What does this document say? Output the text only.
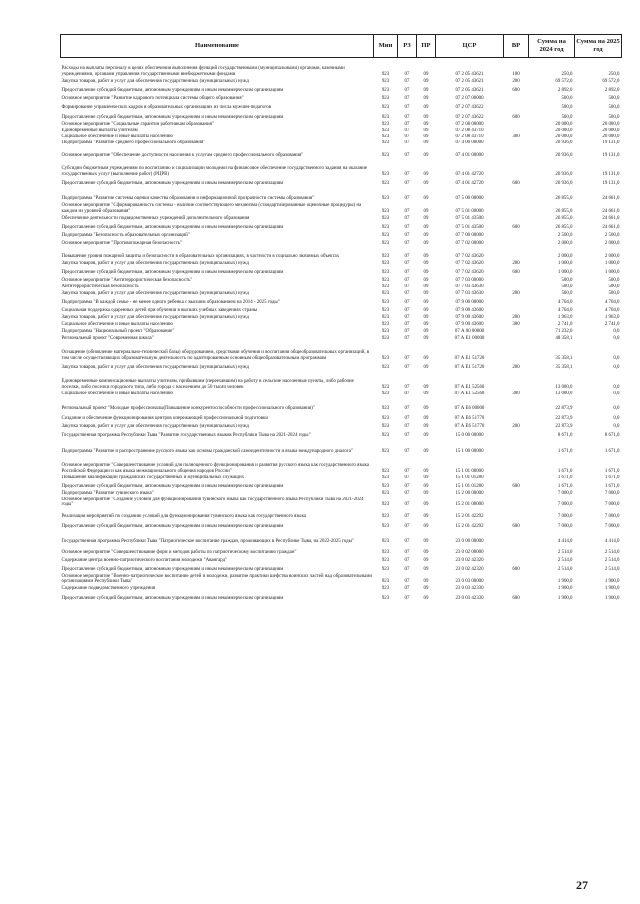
Наименование	Мин	РЗ	ПР	ЦСР	ВР	Сумма на 2024 год	Сумма на 2025 год
Расходы на выплаты персоналу в целях обеспечения выполнения функций государственными (муниципальными) органами, казенными учреждениями, органами управления государственными внебюджетными фондами	923	07	09	07 2 05 43621	100	250,0	250,0
Закупка товаров, работ и услуг для обеспечения государственных (муниципальных) нужд	923	07	09	07 2 05 43621	200	69 572,0	69 572,0
Предоставление субсидий бюджетным, автономным учреждениям и иным некоммерческим организациям	923	07	09	07 2 05 43621	600	2 892,0	2 892,0
Основное мероприятие "Развитие кадрового потенциала системы общего образования"	923	07	09	07 2 07 00000		500,0	500,0
Формирование управленческих кадров в образовательных организациях из числа мужчин-педагогов	923	07	09	07 2 07 43622		500,0	500,0
Предоставление субсидий бюджетным, автономным учреждениям и иным некоммерческим организациям	923	07	09	07 2 07 43622	600	500,0	500,0
Основное мероприятие "Социальные гарантии работникам образования"	923	07	09	07 2 08 00000		20 000,0	20 000,0
Единовременные выплаты учителям	923	07	09	07 2 08 43710		20 000,0	20 000,0
Социальное обеспечение и иные выплаты населению	923	07	09	07 2 08 43710	300	20 000,0	20 000,0
Подпрограмма "Развитие среднего профессионального образования"	923	07	09	07 4 00 00000		20 936,0	19 131,0
Основное мероприятие "Обеспечение доступности населения к услугам среднего профессионального образования"	923	07	09	07 4 01 00000		20 936,0	19 131,0
Субсидии бюджетным учреждениям по воспитанию и социализации молодежи на финансовое обеспечение государственного задания на оказание государственных услуг (выполнение работ) (РЦРВ)	923	07	09	07 4 01 42720		20 936,0	19 131,0
Предоставление субсидий бюджетным, автономным учреждениям и иным некоммерческим организациям	923	07	09	07 4 01 42720	600	20 936,0	19 131,0
Подпрограмма "Развитие системы оценки качества образования и информационной прозрачности системы образования"	923	07	09	07 5 00 00000		26 855,0	24 661,0
Основное мероприятие "Сформированность системы - наличие соответствующего механизма (стандартизированные оценочные процедуры) на каждом из уровней образования"	923	07	09	07 5 01 00000		26 855,0	24 661,0
Обеспечение деятельности подведомственных учреждений дополнительного образования	923	07	09	07 5 01 43500		26 855,0	24 661,0
Предоставление субсидий бюджетным, автономным учреждениям и иным некоммерческим организациям	923	07	09	07 5 01 43500	600	26 855,0	24 661,0
Подпрограмма "Безопасность образовательных организаций"	923	07	09	07 7 00 00000		2 500,0	2 500,0
Основное мероприятие "Противопожарная безопасность"	923	07	09	07 7 02 00000		2 000,0	2 000,0
Повышение уровня пожарной защиты и безопасности в образовательных организациях, в частности в социально значимых объектах	923	07	09	07 7 02 43620		2 000,0	2 000,0
Закупка товаров, работ и услуг для обеспечения государственных (муниципальных) нужд	923	07	09	07 7 02 43620	200	1 000,0	1 000,0
Предоставление субсидий бюджетным, автономным учреждениям и иным некоммерческим организациям	923	07	09	07 7 02 43620	600	1 000,0	1 000,0
Основное мероприятие "Антитеррористическая безопасность"	923	07	09	07 7 03 00000		500,0	500,0
Антитеррористическая безопасность	923	07	09	07 7 03 43630		500,0	500,0
Закупка товаров, работ и услуг для обеспечения государственных (муниципальных) нужд	923	07	09	07 7 03 43630	200	500,0	500,0
Подпрограмма "В каждой семье - не менее одного ребенка с высшим образованием на 2014 - 2025 годы"	923	07	09	07 9 00 00000		4 704,0	4 704,0
Социальная поддержка одаренных детей при обучении в высших учебных заведениях страны	923	07	09	07 9 00 43600		4 704,0	4 704,0
Закупка товаров, работ и услуг для обеспечения государственных (муниципальных) нужд	923	07	09	07 9 00 43600	200	1 963,0	1 963,0
Социальное обеспечение и иные выплаты населению	923	07	09	07 9 00 43600	300	2 741,0	2 741,0
Подпрограмма "Национальный проект "Образование"	923	07	09	07 А 00 00000		71 232,0	0,0
Региональный проект "Современная школа"	923	07	09	07 А Е1 00000		48 358,1	0,0
Оснащение (обновление материально-технической базы) оборудованием, средствами обучения и воспитания общеобразовательных организаций, в том числе осуществляющих образовательную деятельность по адаптированным основным общеобразовательным программам	923	07	09	07 А Е1 51720		35 358,1	0,0
Закупка товаров, работ и услуг для обеспечения государственных (муниципальных) нужд	923	07	09	07 А Е1 51720	200	35 358,1	0,0
Единовременные компенсационные выплаты учителям, прибывшим (переехавшим) на работу в сельские населенные пункты, либо рабочие поселки, либо поселки городского типа, либо города с населением до 50 тысяч человек	923	07	09	07 А Е1 52560		13 000,0	0,0
Социальное обеспечение и иные выплаты населению	923	07	09	07 А Е1 52560	300	13 000,0	0,0
Региональный проект "Молодые профессионалы(Повышение конкурентоспособности профессионального образования)"	923	07	09	07 А Е6 00000		22 873,9	0,0
Создание и обеспечение функционирования центров опережающей профессиональной подготовки	923	07	09	07 А Е6 51770		22 873,9	0,0
Закупка товаров, работ и услуг для обеспечения государственных (муниципальных) нужд	923	07	09	07 А Е6 51770	200	22 873,9	0,0
Государственная программа Республики Тыва "Развитие государственных языков Республики Тыва на 2021-2024 годы"	923	07	09	15 0 00 00000		8 671,0	8 671,0
Подпрограмма "Развитие и распространение русского языка как основы гражданской самоидентичности и языка международного диалога"	923	07	09	15 1 00 00000		1 671,0	1 671,0
Основное мероприятие "Совершенствование условий для полноценного функционирования и развития русского языка как государственного языка Российской Федерации и как языка межнационального общения народов России"	923	07	09	15 1 01 00000		1 671,0	1 671,0
Повышение квалификации гражданских государственных и муниципальных служащих	923	07	09	15 1 01 01280		1 671,0	1 671,0
Предоставление субсидий бюджетным, автономным учреждениям и иным некоммерческим организациям	923	07	09	15 1 01 01280	600	1 671,0	1 671,0
Подпрограмма "Развитие тувинского языка"	923	07	09	15 2 00 00000		7 000,0	7 000,0
Основное мероприятие "Создание условий для функционирования тувинского языка как государственного языка Республики Тыва на 2021-2024 годы"	923	07	09	15 2 01 00000		7 000,0	7 000,0
Реализация мероприятий по созданию условий для функционирования тувинского языка как государственного языка	923	07	09	15 2 01 42292		7 000,0	7 000,0
Предоставление субсидий бюджетным, автономным учреждениям и иным некоммерческим организациям	923	07	09	15 2 01 42292	600	7 000,0	7 000,0
Государственная программа Республики Тыва "Патриотическое воспитание граждан, проживающих в Республике Тыва, на 2022-2025 годы"	923	07	09	23 0 00 00000		4 414,0	4 414,0
Основное мероприятие "Совершенствование форм и методов работы по патриотическому воспитанию граждан"	923	07	09	23 0 02 00000		2 514,0	2 514,0
Содержание центра военно-патриотического воспитания молодежи "Авангард"	923	07	09	23 0 02 42320		2 514,0	2 514,0
Предоставление субсидий бюджетным, автономным учреждениям и иным некоммерческим организациям	923	07	09	23 0 02 42320	600	2 514,0	2 514,0
Основное мероприятие "Военно-патриотическое воспитание детей и молодежи, развитие практики шефства воинских частей над образовательными организациями Республики Тыва"	923	07	09	23 0 03 00000		1 900,0	1 900,0
Содержание подведомственного учреждения	923	07	09	23 0 03 42330		1 900,0	1 900,0
Предоставление субсидий бюджетным, автономным учреждениям и иным некоммерческим организациям	923	07	09	23 0 03 42330	600	1 900,0	1 900,0
27
